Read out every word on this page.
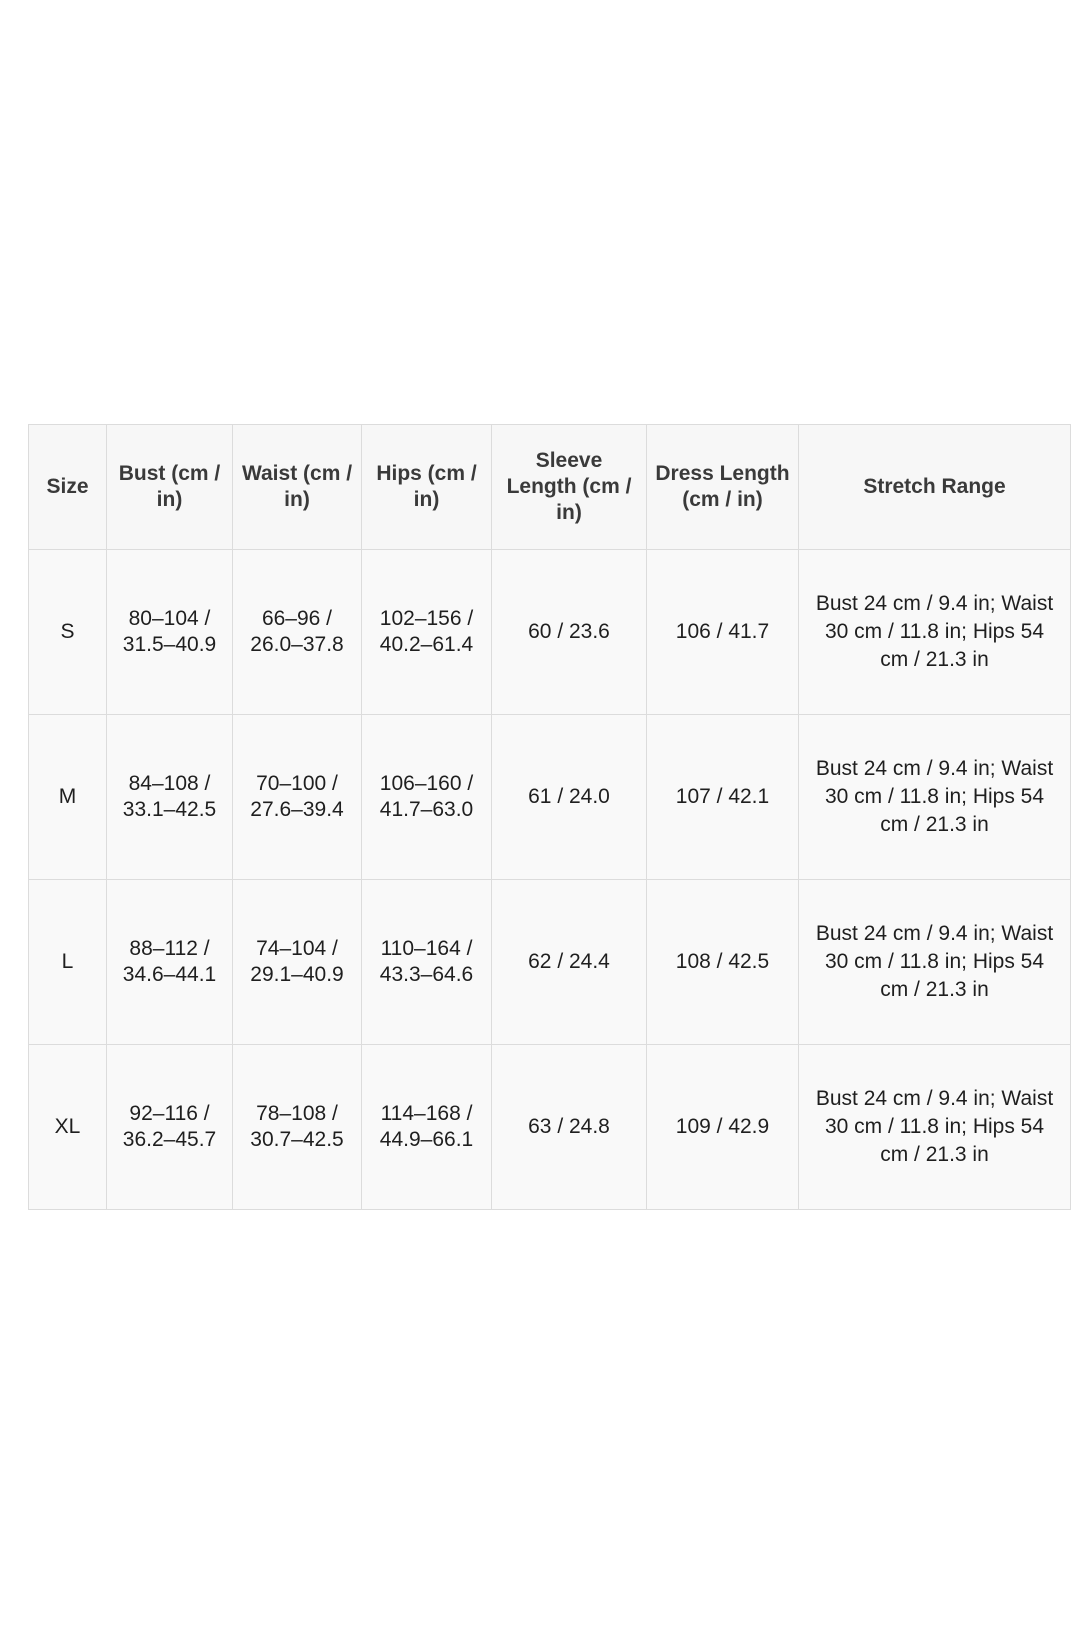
Size	Bust (cm / in)	Waist (cm / in)	Hips (cm / in)	Sleeve Length (cm / in)	Dress Length (cm / in)	Stretch Range
S	80–104 / 31.5–40.9	66–96 / 26.0–37.8	102–156 / 40.2–61.4	60 / 23.6	106 / 41.7	Bust 24 cm / 9.4 in; Waist 30 cm / 11.8 in; Hips 54 cm / 21.3 in
M	84–108 / 33.1–42.5	70–100 / 27.6–39.4	106–160 / 41.7–63.0	61 / 24.0	107 / 42.1	Bust 24 cm / 9.4 in; Waist 30 cm / 11.8 in; Hips 54 cm / 21.3 in
L	88–112 / 34.6–44.1	74–104 / 29.1–40.9	110–164 / 43.3–64.6	62 / 24.4	108 / 42.5	Bust 24 cm / 9.4 in; Waist 30 cm / 11.8 in; Hips 54 cm / 21.3 in
XL	92–116 / 36.2–45.7	78–108 / 30.7–42.5	114–168 / 44.9–66.1	63 / 24.8	109 / 42.9	Bust 24 cm / 9.4 in; Waist 30 cm / 11.8 in; Hips 54 cm / 21.3 in
